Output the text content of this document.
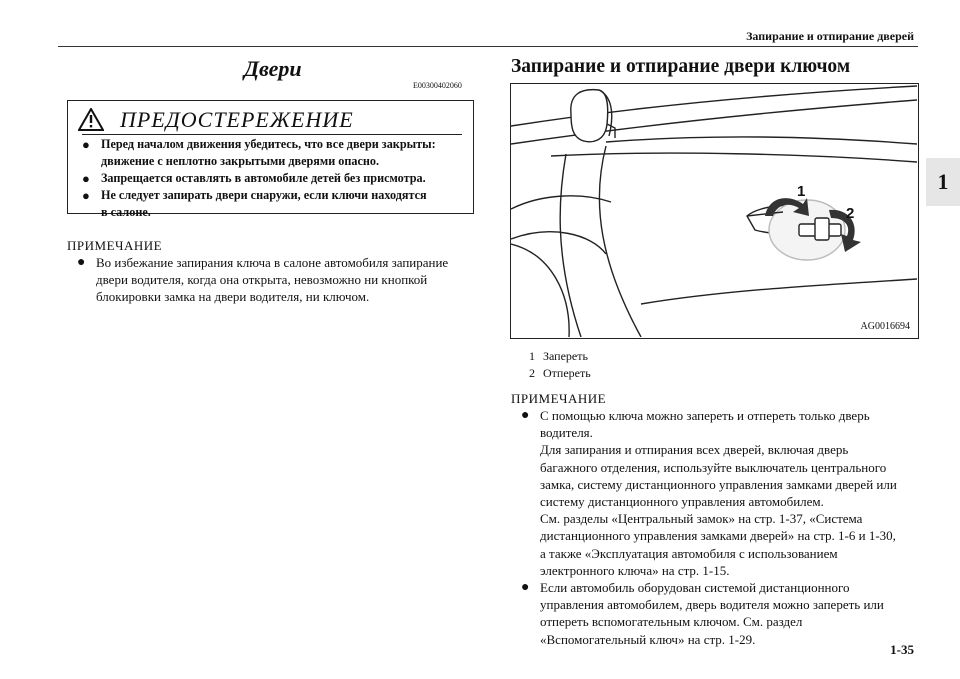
Запирание и отпирание дверей
1
Двери
E00300402060
ПРЕДОСТЕРЕЖЕНИЕ
● Перед началом движения убедитесь, что все двери закрыты:
движение с неплотно закрытыми дверями опасно.
● Запрещается оставлять в автомобиле детей без присмотра.
● Не следует запирать двери снаружи, если ключи находятся
в салоне.
ПРИМЕЧАНИЕ
● Во избежание запирания ключа в салоне автомобиля запирание
двери водителя, когда она открыта, невозможно ни кнопкой
блокировки замка на двери водителя, ни ключом.
Запирание и отпирание двери ключом
1
2
AG0016694
1 Запереть
2 Отпереть
ПРИМЕЧАНИЕ
● С помощью ключа можно запереть и отпереть только дверь
водителя.
Для запирания и отпирания всех дверей, включая дверь
багажного отделения, используйте выключатель центрального
замка, систему дистанционного управления замками дверей или
систему дистанционного управления автомобилем.
См. разделы «Центральный замок» на стр. 1-37, «Система
дистанционного управления замками дверей» на стр. 1-6 и 1-30,
а также «Эксплуатация автомобиля с использованием
электронного ключа» на стр. 1-15.
● Если автомобиль оборудован системой дистанционного
управления автомобилем, дверь водителя можно запереть или
отпереть вспомогательным ключом. См. раздел
«Вспомогательный ключ» на стр. 1-29.
1-35
